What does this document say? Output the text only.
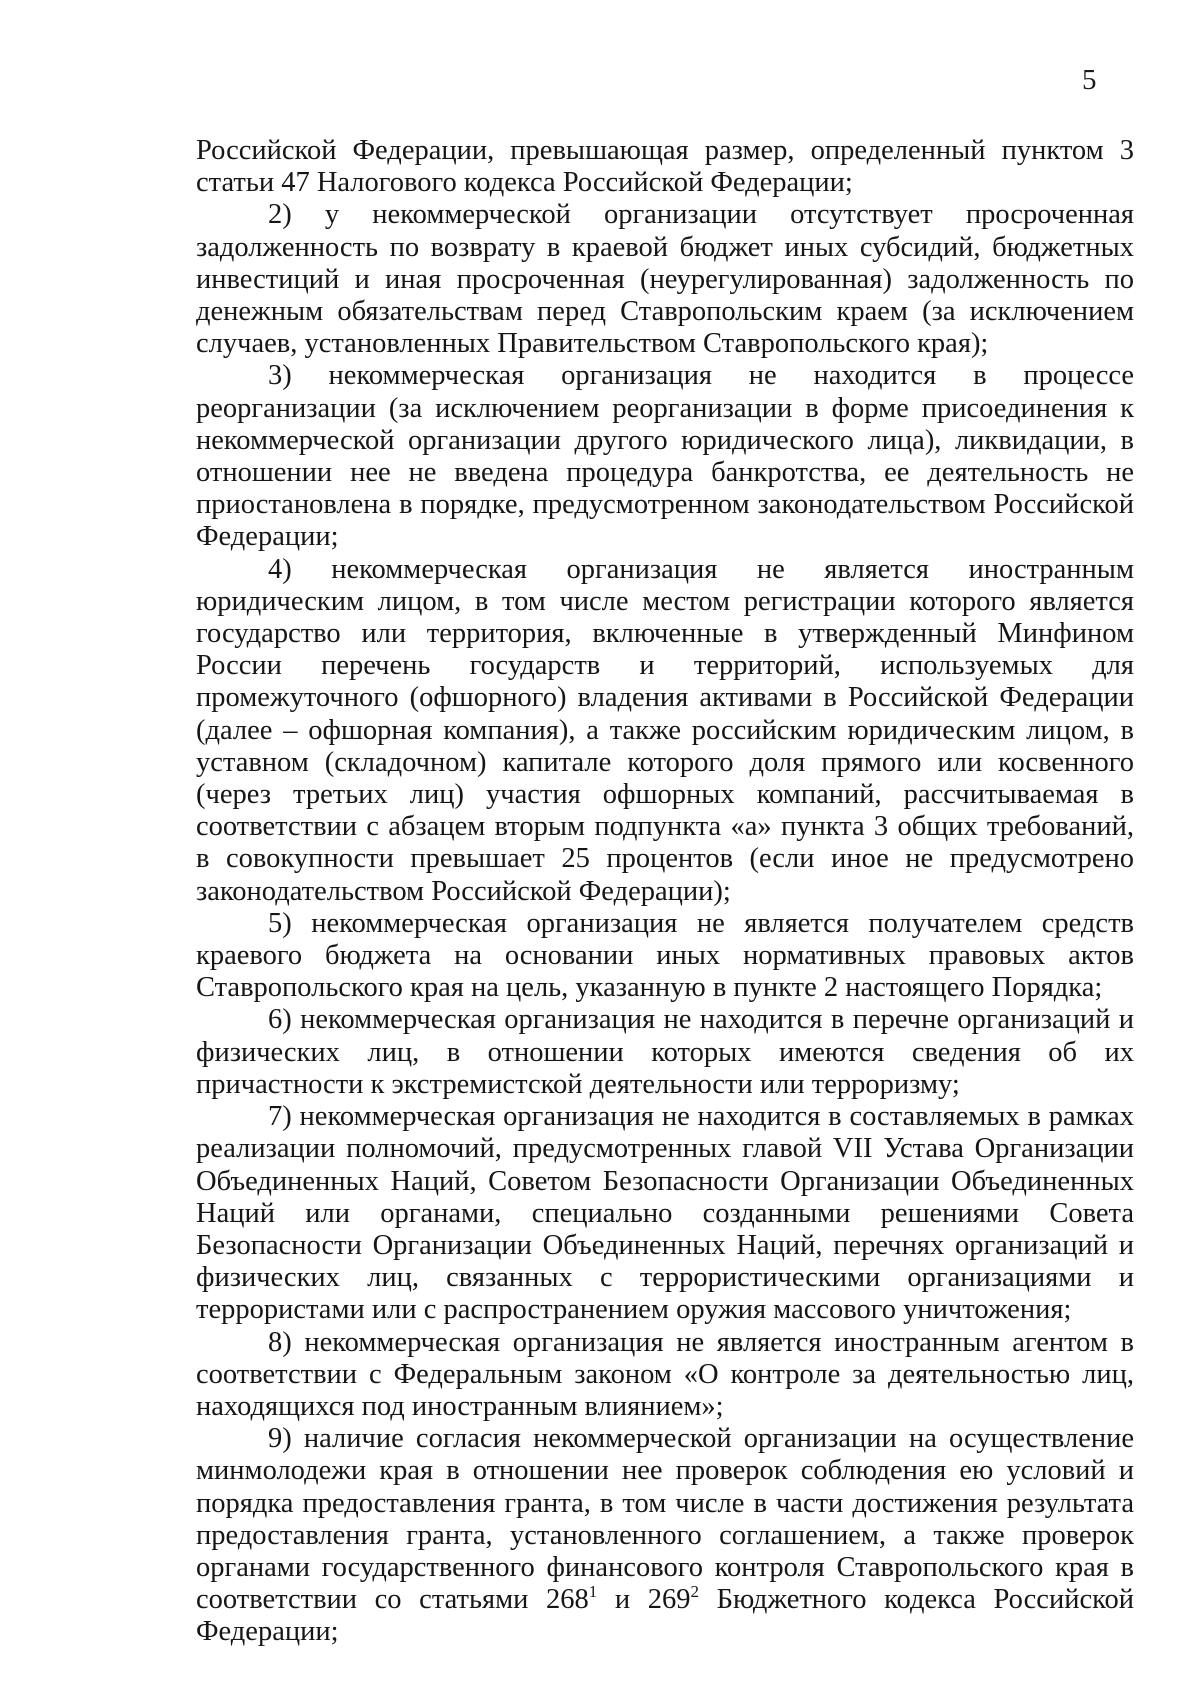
5

Российской Федерации, превышающая размер, определенный пунктом 3 статьи 47 Налогового кодекса Российской Федерации;

2) у некоммерческой организации отсутствует просроченная задолженность по возврату в краевой бюджет иных субсидий, бюджетных инвестиций и иная просроченная (неурегулированная) задолженность по денежным обязательствам перед Ставропольским краем (за исключением случаев, установленных Правительством Ставропольского края);

3) некоммерческая организация не находится в процессе реорганизации (за исключением реорганизации в форме присоединения к некоммерческой организации другого юридического лица), ликвидации, в отношении нее не введена процедура банкротства, ее деятельность не приостановлена в порядке, предусмотренном законодательством Российской Федерации;

4) некоммерческая организация не является иностранным юридическим лицом, в том числе местом регистрации которого является государство или территория, включенные в утвержденный Минфином России перечень государств и территорий, используемых для промежуточного (офшорного) владения активами в Российской Федерации (далее – офшорная компания), а также российским юридическим лицом, в уставном (складочном) капитале которого доля прямого или косвенного (через третьих лиц) участия офшорных компаний, рассчитываемая в соответствии с абзацем вторым подпункта «а» пункта 3 общих требований, в совокупности превышает 25 процентов (если иное не предусмотрено законодательством Российской Федерации);

5) некоммерческая организация не является получателем средств краевого бюджета на основании иных нормативных правовых актов Ставропольского края на цель, указанную в пункте 2 настоящего Порядка;

6) некоммерческая организация не находится в перечне организаций и физических лиц, в отношении которых имеются сведения об их причастности к экстремистской деятельности или терроризму;

7) некоммерческая организация не находится в составляемых в рамках реализации полномочий, предусмотренных главой VII Устава Организации Объединенных Наций, Советом Безопасности Организации Объединенных Наций или органами, специально созданными решениями Совета Безопасности Организации Объединенных Наций, перечнях организаций и физических лиц, связанных с террористическими организациями и террористами или с распространением оружия массового уничтожения;

8) некоммерческая организация не является иностранным агентом в соответствии с Федеральным законом «О контроле за деятельностью лиц, находящихся под иностранным влиянием»;

9) наличие согласия некоммерческой организации на осуществление минмолодежи края в отношении нее проверок соблюдения ею условий и порядка предоставления гранта, в том числе в части достижения результата предоставления гранта, установленного соглашением, а также проверок органами государственного финансового контроля Ставропольского края в соответствии со статьями $268^1$ и $269^2$ Бюджетного кодекса Российской Федерации;
